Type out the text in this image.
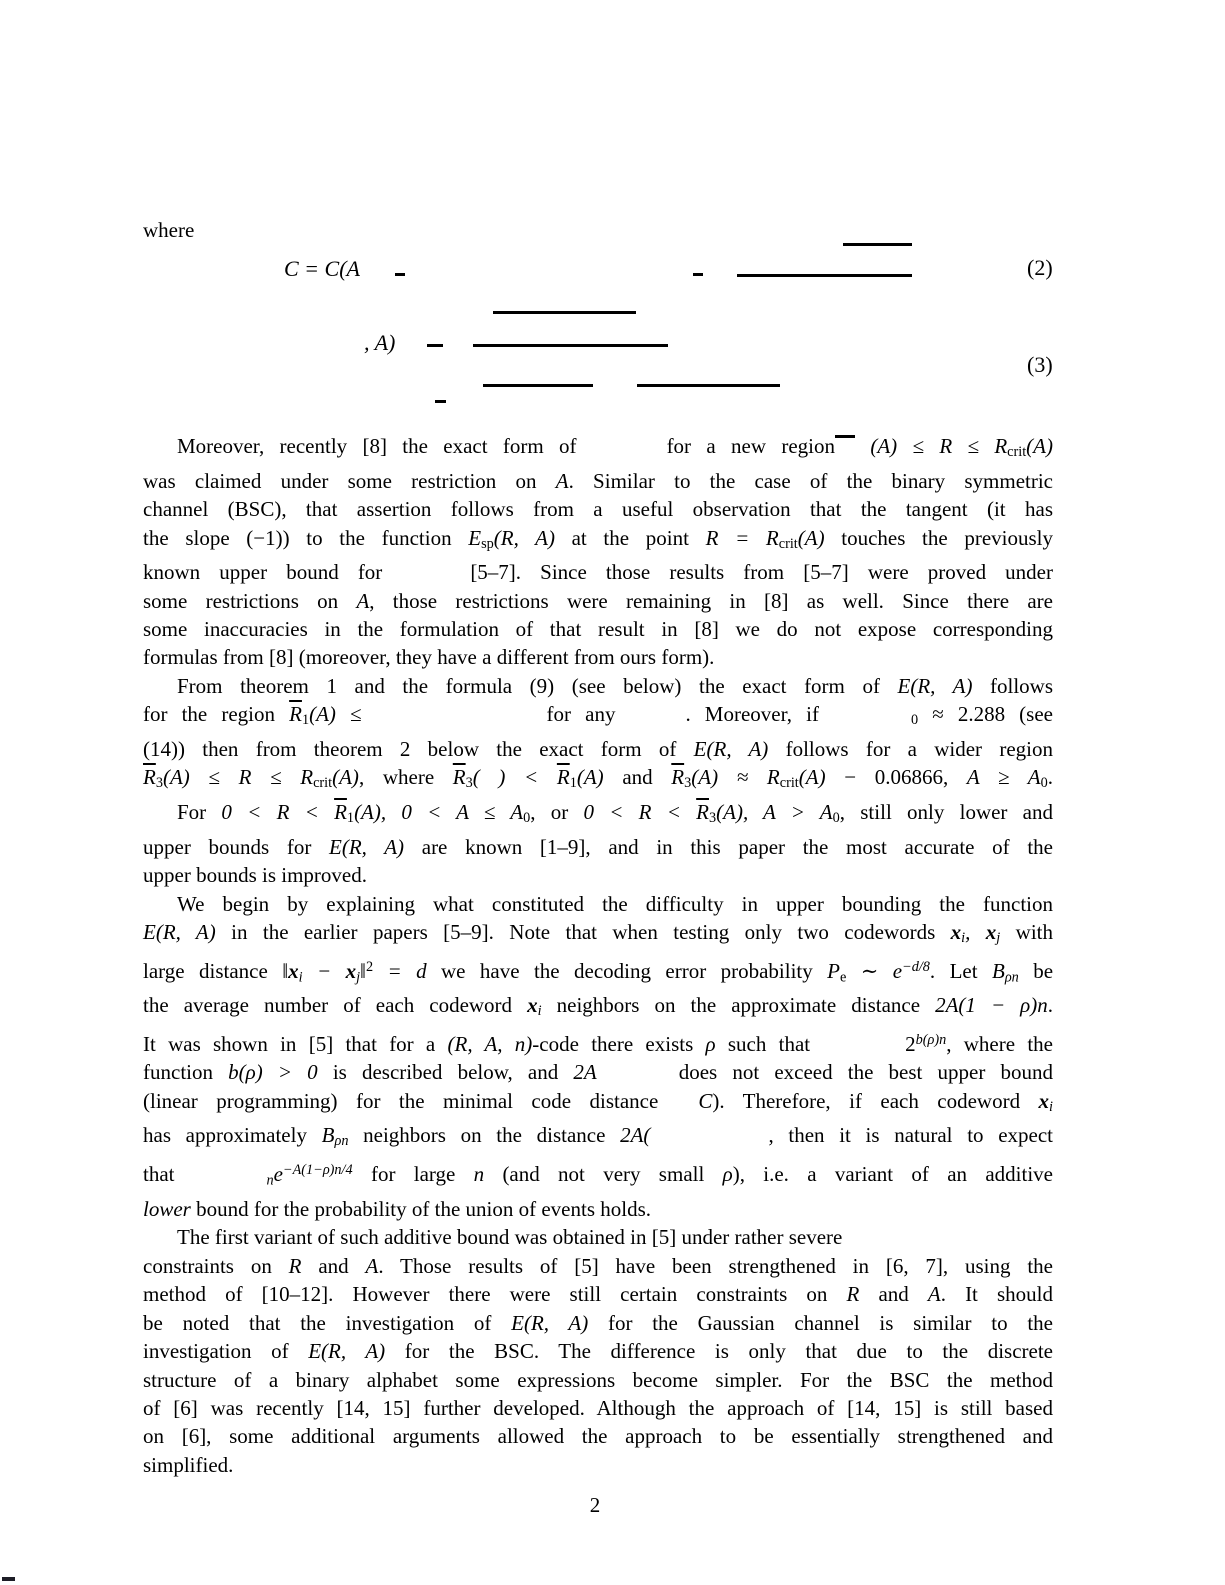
where
C = C(A	(2)
, A)
(3)
Moreover, recently [8] the exact form of	for a new region (A) ≤ R ≤ Rcrit(A)
was claimed under some restriction on A. Similar to the case of the binary symmetric
channel (BSC), that assertion follows from a useful observation that the tangent (it has
the slope (−1)) to the function Esp(R, A) at the point R = Rcrit(A) touches the previously
known upper bound for	[5–7]. Since those results from [5–7] were proved under
some restrictions on A, those restrictions were remaining in [8] as well. Since there are
some inaccuracies in the formulation of that result in [8] we do not expose corresponding
formulas from [8] (moreover, they have a different from ours form).
From theorem 1 and the formula (9) (see below) the exact form of E(R, A) follows
for the region $\overline{R}1(A)$ ≤	for any	. Moreover, if	0 ≈ 2.288 (see
(14)) then from theorem 2 below the exact form of E(R, A) follows for a wider region
$\overline{R}3(A) \le R$ ≤ Rcrit(A), where $\overline{R}3$( ) < $\overline{R}1(A)$ and $\overline{R}3(A)$ ≈ Rcrit(A) − 0.06866, A ≥ A0.
For $0 < R < \overline{R}1(A)$, 0 < A ≤ A0, or $0 < R < \overline{R}3(A)$, A > A0, still only lower and
upper bounds for E(R, A) are known [1–9], and in this paper the most accurate of the
upper bounds is improved.
We begin by explaining what constituted the difficulty in upper bounding the function
E(R, A) in the earlier papers [5–9]. Note that when testing only two codewords xi, xj with
large distance ‖xi − xj‖$^2$ = d we have the decoding error probability Pe ∼ $e^{-d/8}$. Let Bρn be
the average number of each codeword xi neighbors on the approximate distance 2A(1 − ρ)n.
It was shown in [5] that for a (R, A, n)-code there exists ρ such that	$2^{b(\rho)n}$, where the
function b(ρ) > 0 is described below, and 2A	does not exceed the best upper bound
(linear programming) for the minimal code distance C). Therefore, if each codeword xi
has approximately Bρn neighbors on the distance 2A(	, then it is natural to expect
that	$ne^{-A(1-\rho)n/4}$ for large n (and not very small ρ), i.e. a variant of an additive
lower bound for the probability of the union of events holds.
The first variant of such additive bound was obtained in [5] under rather severe
constraints on R and A. Those results of [5] have been strengthened in [6, 7], using the
method of [10–12]. However there were still certain constraints on R and A. It should
be noted that the investigation of E(R, A) for the Gaussian channel is similar to the
investigation of E(R, A) for the BSC. The difference is only that due to the discrete
structure of a binary alphabet some expressions become simpler. For the BSC the method
of [6] was recently [14, 15] further developed. Although the approach of [14, 15] is still based
on [6], some additional arguments allowed the approach to be essentially strengthened and
simplified.
2
